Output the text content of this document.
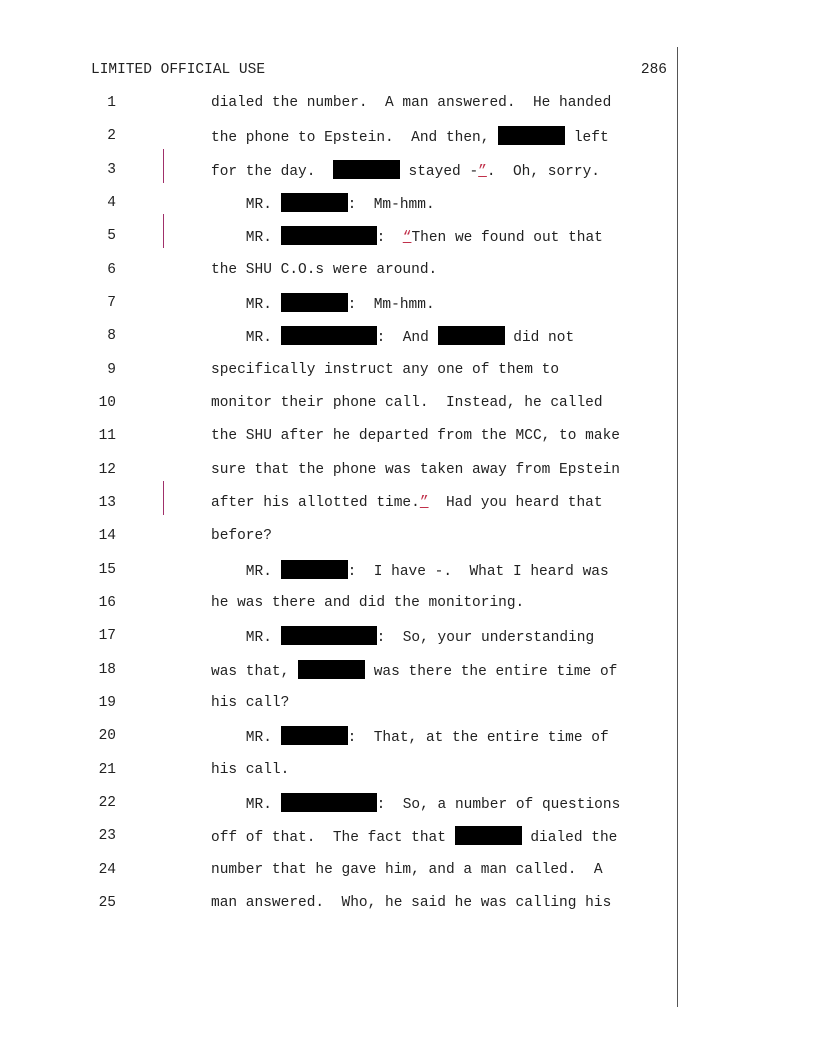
LIMITED OFFICIAL USE	286
1	dialed the number.  A man answered.  He handed
2	the phone to Epstein.  And then,	left
3	for the day.	stayed -”.  Oh, sorry.
4	MR.	:  Mm-hmm.
5	MR.	:  “Then we found out that
6	the SHU C.O.s were around.
7	MR.	:  Mm-hmm.
8	MR.	:  And	did not
9	specifically instruct any one of them to
10	monitor their phone call.  Instead, he called
11	the SHU after he departed from the MCC, to make
12	sure that the phone was taken away from Epstein
13	after his allotted time.”  Had you heard that
14	before?
15	MR.	:  I have -.  What I heard was
16	he was there and did the monitoring.
17	MR.	:  So, your understanding
18	was that,	was there the entire time of
19	his call?
20	MR.	:  That, at the entire time of
21	his call.
22	MR.	:  So, a number of questions
23	off of that.  The fact that	dialed the
24	number that he gave him, and a man called.  A
25	man answered.  Who, he said he was calling his
